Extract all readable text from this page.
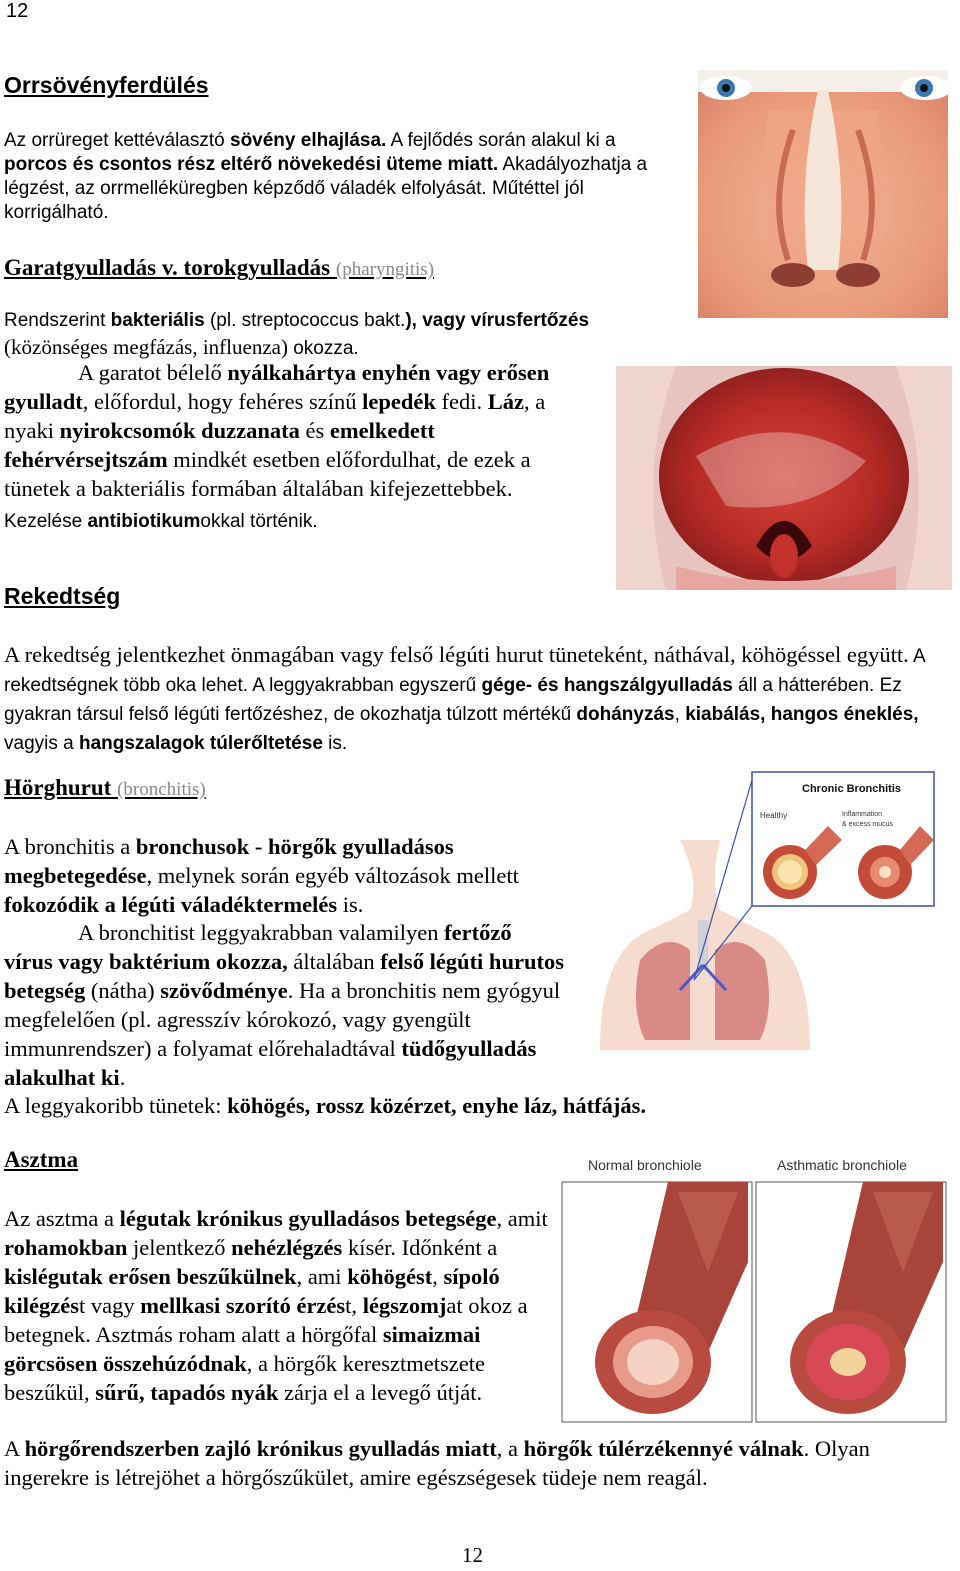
12
Orrsövényferdülés

Az orrüreget kettéválasztó sövény elhajlása. A fejlődés során alakul ki a porcos és csontos rész eltérő növekedési üteme miatt. Akadályozhatja a légzést, az orrmelléküregben képződő váladék elfolyását. Műtéttel jól korrigálható.

Garatgyulladás v. torokgyulladás (pharyngitis)

Rendszerint bakteriális (pl. streptococcus bakt.), vagy vírusfertőzés (közönséges megfázás, influenza) okozza.

A garatot bélelő nyálkahártya enyhén vagy erősen gyulladt, előfordul, hogy fehéres színű lepedék fedi. Láz, a nyaki nyirokcsomók duzzanata és emelkedett fehérvérsejtszám mindkét esetben előfordulhat, de ezek a tünetek a bakteriális formában általában kifejezettebbek. Kezelése antibiotikumokkal történik.

Rekedtség

A rekedtség jelentkezhet önmagában vagy felső légúti hurut tüneteként, náthával, köhögéssel együtt. A rekedtségnek több oka lehet. A leggyakrabban egyszerű gége- és hangszálgyulladás áll a hátterében. Ez gyakran társul felső légúti fertőzéshez, de okozhatja túlzott mértékű dohányzás, kiabálás, hangos éneklés, vagyis a hangszalagok túlerőltetése is.

Hörghurut (bronchitis)

A bronchitis a bronchusok - hörgők gyulladásos megbetegedése, melynek során egyéb változások mellett fokozódik a légúti váladéktermelés is.

A bronchitist leggyakrabban valamilyen fertőző vírus vagy baktérium okozza, általában felső légúti hurutos betegség (nátha) szövődménye. Ha a bronchitis nem gyógyul megfelelően (pl. agresszív kórokozó, vagy gyengült immunrendszer) a folyamat előrehaladtával tüdőgyulladás alakulhat ki.

A leggyakoribb tünetek: köhögés, rossz közérzet, enyhe láz, hátfájás.

Chronic Bronchitis
Healthy	Inflammation
& excess mucus
Asztma

Az asztma a légutak krónikus gyulladásos betegsége, amit rohamokban jelentkező nehézlégzés kísér. Időnként a kislégutak erősen beszűkülnek, ami köhögést, sípoló kilégzést vagy mellkasi szorító érzést, légszomjat okoz a betegnek. Asztmás roham alatt a hörgőfal simaizmai görcsösen összehúzódnak, a hörgők keresztmetszete beszűkül, sűrű, tapadós nyák zárja el a levegő útját.

A hörgőrendszerben zajló krónikus gyulladás miatt, a hörgők túlérzékennyé válnak. Olyan ingerekre is létrejöhet a hörgőszűkület, amire egészségesek tüdeje nem reagál.

Normal bronchiole	Asthmatic bronchiole
12
